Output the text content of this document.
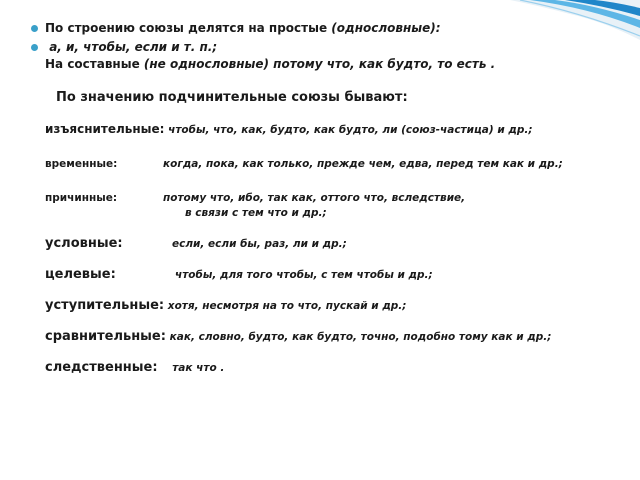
По строению союзы делятся на простые (однословные):
а, и, чтобы, если и т. п.;
На составные (не однословные) потому что, как будто, то есть .
По значению подчинительные союзы бывают:
изъяснительные: чтобы, что, как, будто, как будто, ли (союз-частица) и др.;
временные:	когда, пока, как только, прежде чем, едва, перед тем как и др.;
причинные:	потому что, ибо, так как, оттого что, вследствие,
в связи с тем что и др.;
условные:	если, если бы, раз, ли и др.;
целевые:	чтобы, для того чтобы, с тем чтобы и др.;
уступительные: хотя, несмотря на то что, пускай и др.;
сравнительные: как, словно, будто, как будто, точно, подобно тому как и др.;
следственные: так что .
